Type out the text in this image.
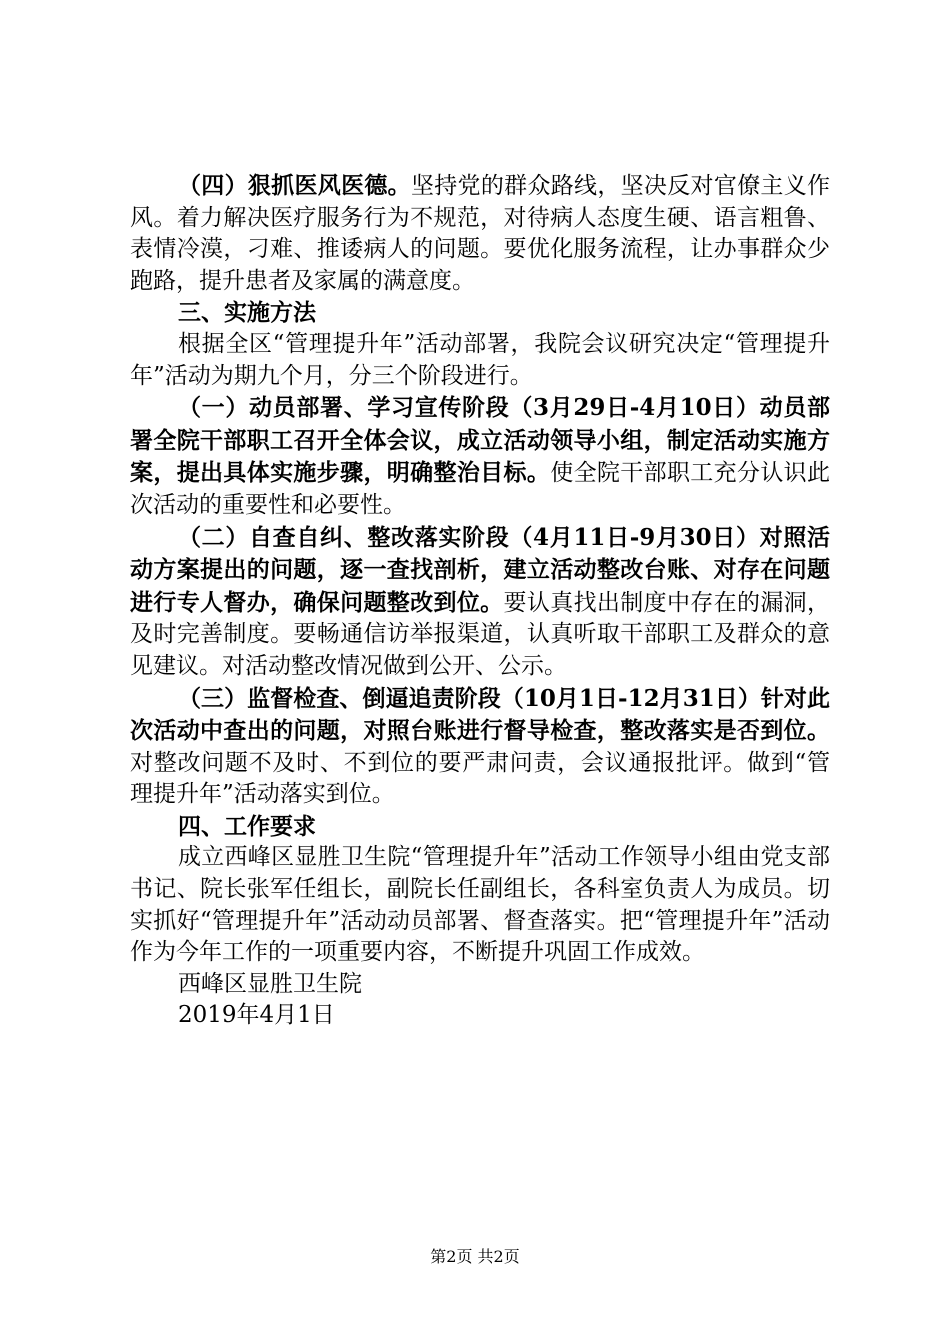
（四）狠抓医风医德。坚持党的群众路线，坚决反对官僚主义作风。着力解决医疗服务行为不规范，对待病人态度生硬、语言粗鲁、表情冷漠，刁难、推诿病人的问题。要优化服务流程，让办事群众少跑路，提升患者及家属的满意度。

三、实施方法

根据全区“管理提升年”活动部署，我院会议研究决定“管理提升年”活动为期九个月，分三个阶段进行。

（一）动员部署、学习宣传阶段（3月29日-4月10日）动员部署全院干部职工召开全体会议，成立活动领导小组，制定活动实施方案，提出具体实施步骤，明确整治目标。使全院干部职工充分认识此次活动的重要性和必要性。

（二）自查自纠、整改落实阶段（4月11日-9月30日）对照活动方案提出的问题，逐一查找剖析，建立活动整改台账、对存在问题进行专人督办，确保问题整改到位。要认真找出制度中存在的漏洞，及时完善制度。要畅通信访举报渠道，认真听取干部职工及群众的意见建议。对活动整改情况做到公开、公示。

（三）监督检查、倒逼追责阶段（10月1日-12月31日）针对此次活动中查出的问题，对照台账进行督导检查，整改落实是否到位。对整改问题不及时、不到位的要严肃问责，会议通报批评。做到“管理提升年”活动落实到位。

四、工作要求

成立西峰区显胜卫生院“管理提升年”活动工作领导小组由党支部书记、院长张军任组长，副院长任副组长，各科室负责人为成员。切实抓好“管理提升年”活动动员部署、督查落实。把“管理提升年”活动作为今年工作的一项重要内容，不断提升巩固工作成效。

西峰区显胜卫生院

2019年4月1日

第2页 共2页
